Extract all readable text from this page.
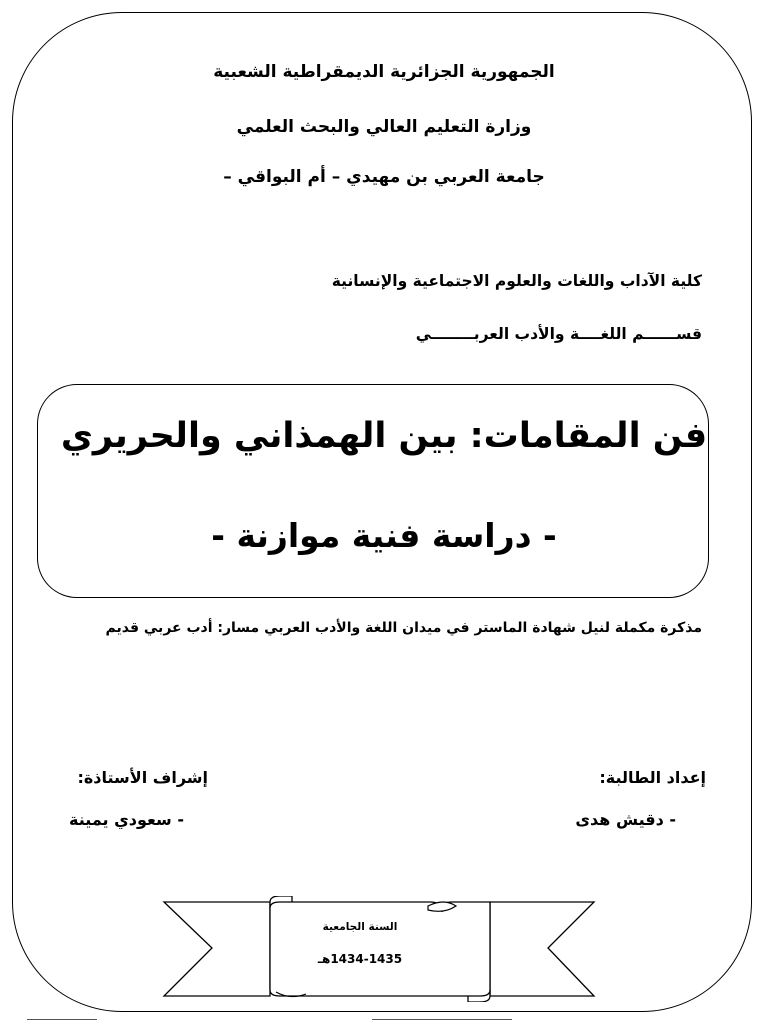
الجمهورية الجزائرية الديمقراطية الشعبية
وزارة التعليم العالي والبحث العلمي
جامعة العربي بن مهيدي – أم البواقي –
كلية الآداب واللغات والعلوم الاجتماعية والإنسانية
قســــــم اللغــــة والأدب العربــــــــي
فن المقامات: بين الهمذاني والحريري
- دراسة فنية موازنة -
مذكرة مكملة لنيل شهادة الماستر في ميدان اللغة والأدب العربي مسار: أدب عربي قديم
إعداد الطالبة:
- دقيش هدى
إشراف الأستاذة:
- سعودي يمينة
السنة الجامعية
1434-1435هـ
